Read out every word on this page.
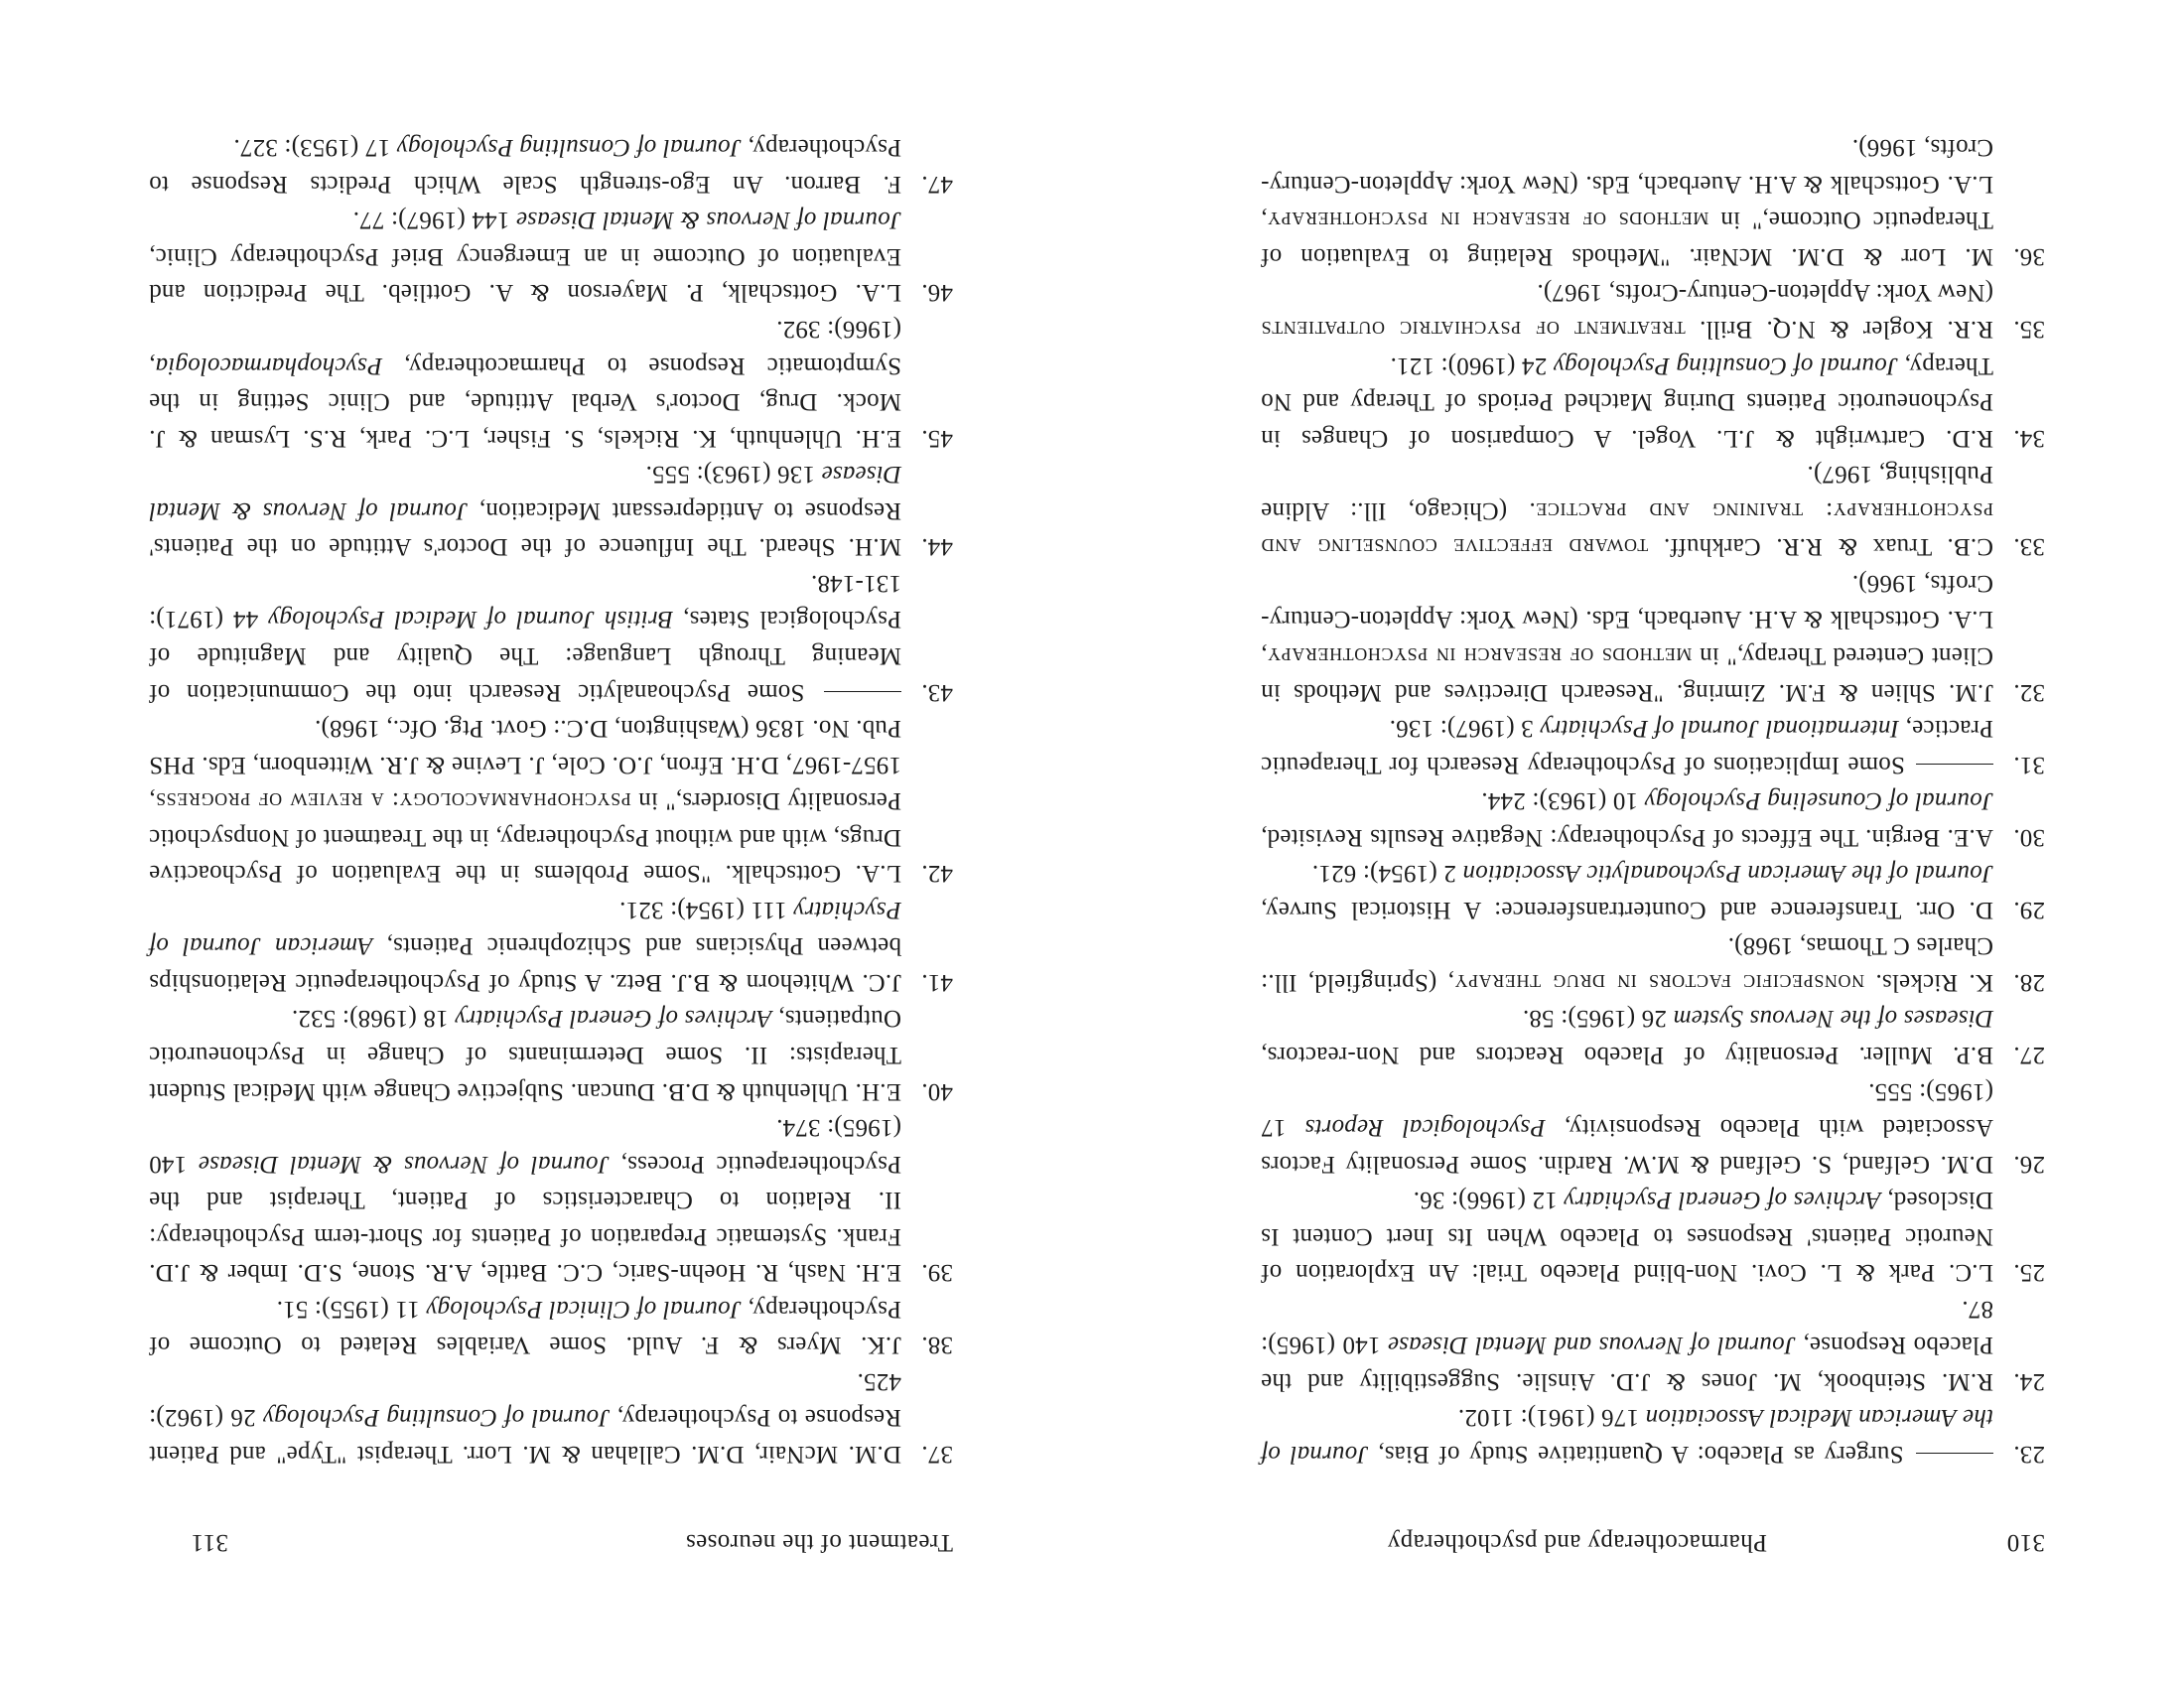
310
Pharmacotherapy and psychotherapy
23. Surgery as Placebo: A Quantitative Study of Bias, Journal of the American Medical Association 176 (1961): 1102.
24.R.M. Steinbook, M. Jones & J.D. Ainslie. Suggestibility and the Placebo Response, Journal of Nervous and Mental Disease 140 (1965): 87.
25.L.C. Park & L. Covi. Non-blind Placebo Trial: An Exploration of Neurotic Patients' Responses to Placebo When Its Inert Content Is Disclosed, Archives of General Psychiatry 12 (1966): 36.
26.D.M. Gelfand, S. Gelfand & M.W. Rardin. Some Personality Factors Associated with Placebo Responsivity, Psychological Reports 17 (1965): 555.
27.B.P. Muller. Personality of Placebo Reactors and Non-reactors, Diseases of the Nervous System 26 (1965): 58.
28.K. Rickels. nonspecific factors in drug therapy, (Springfield, Ill.: Charles C Thomas, 1968).
29.D. Orr. Transference and Countertransference: A Historical Survey, Journal of the American Psychoanalytic Association 2 (1954): 621.
30.A.E. Bergin. The Effects of Psychotherapy: Negative Results Revisited, Journal of Counseling Psychology 10 (1963): 244.
31. Some Implications of Psychotherapy Research for Therapeutic Practice, International Journal of Psychiatry 3 (1967): 136.
32.J.M. Shlien & F.M. Zimring. "Research Directives and Methods in Client Centered Therapy," in methods of research in psychotherapy, L.A. Gottschalk & A.H. Auerbach, Eds. (New York: Appleton-Century-Crofts, 1966).
33.C.B. Truax & R.R. Carkhuff. toward effective counseling and psychotherapy: training and practice. (Chicago, Ill.: Aldine Publishing, 1967).
34.R.D. Cartwright & J.L. Vogel. A Comparison of Changes in Psychoneurotic Patients During Matched Periods of Therapy and No Therapy, Journal of Consulting Psychology 24 (1960): 121.
35.R.R. Kogler & N.Q. Brill. treatment of psychiatric outpatients (New York: Appleton-Century-Crofts, 1967).
36.M. Lorr & D.M. McNair. "Methods Relating to Evaluation of Therapeutic Outcome," in methods of research in psychotherapy, L.A. Gottschalk & A.H. Auerbach, Eds. (New York: Appleton-Century-Crofts, 1966).
Treatment of the neuroses
311
37.D.M. McNair, D.M. Callahan & M. Lorr. Therapist "Type" and Patient Response to Psychotherapy, Journal of Consulting Psychology 26 (1962): 425.
38.J.K. Myers & F. Auld. Some Variables Related to Outcome of Psychotherapy, Journal of Clinical Psychology 11 (1955): 51.
39.E.H. Nash, R. Hoehn-Saric, C.C. Battle, A.R. Stone, S.D. Imber & J.D. Frank. Systematic Preparation of Patients for Short-term Psychotherapy: II. Relation to Characteristics of Patient, Therapist and the Psychotherapeutic Process, Journal of Nervous & Mental Disease 140 (1965): 374.
40.E.H. Uhlenhuth & D.B. Duncan. Subjective Change with Medical Student Therapists: II. Some Determinants of Change in Psychoneurotic Outpatients, Archives of General Psychiatry 18 (1968): 532.
41.J.C. Whitehorn & B.J. Betz. A Study of Psychotherapeutic Relationships between Physicians and Schizophrenic Patients, American Journal of Psychiatry 111 (1954): 321.
42.L.A. Gottschalk. "Some Problems in the Evaluation of Psychoactive Drugs, with and without Psychotherapy, in the Treatment of Nonpsychotic Personality Disorders," in psychopharmacology: a review of progress, 1957-1967, D.H. Efron, J.O. Cole, J. Levine & J.R. Wittenborn, Eds. PHS Pub. No. 1836 (Washington, D.C.: Govt. Ptg. Ofc., 1968).
43. Some Psychoanalytic Research into the Communication of Meaning Through Language: The Quality and Magnitude of Psychological States, British Journal of Medical Psychology 44 (1971): 131-148.
44.M.H. Sheard. The Influence of the Doctor's Attitude on the Patients' Response to Antidepressant Medication, Journal of Nervous & Mental Disease 136 (1963): 555.
45.E.H. Uhlenhuth, K. Rickels, S. Fisher, L.C. Park, R.S. Lysman & J. Mock. Drug, Doctor's Verbal Attitude, and Clinic Setting in the Symptomatic Response to Pharmacotherapy, Psychopharmacologia, (1966): 392.
46.L.A. Gottschalk, P. Mayerson & A. Gottlieb. The Prediction and Evaluation of Outcome in an Emergency Brief Psychotherapy Clinic, Journal of Nervous & Mental Disease 144 (1967): 77.
47.F. Barron. An Ego-strength Scale Which Predicts Response to Psychotherapy, Journal of Consulting Psychology 17 (1953): 327.
